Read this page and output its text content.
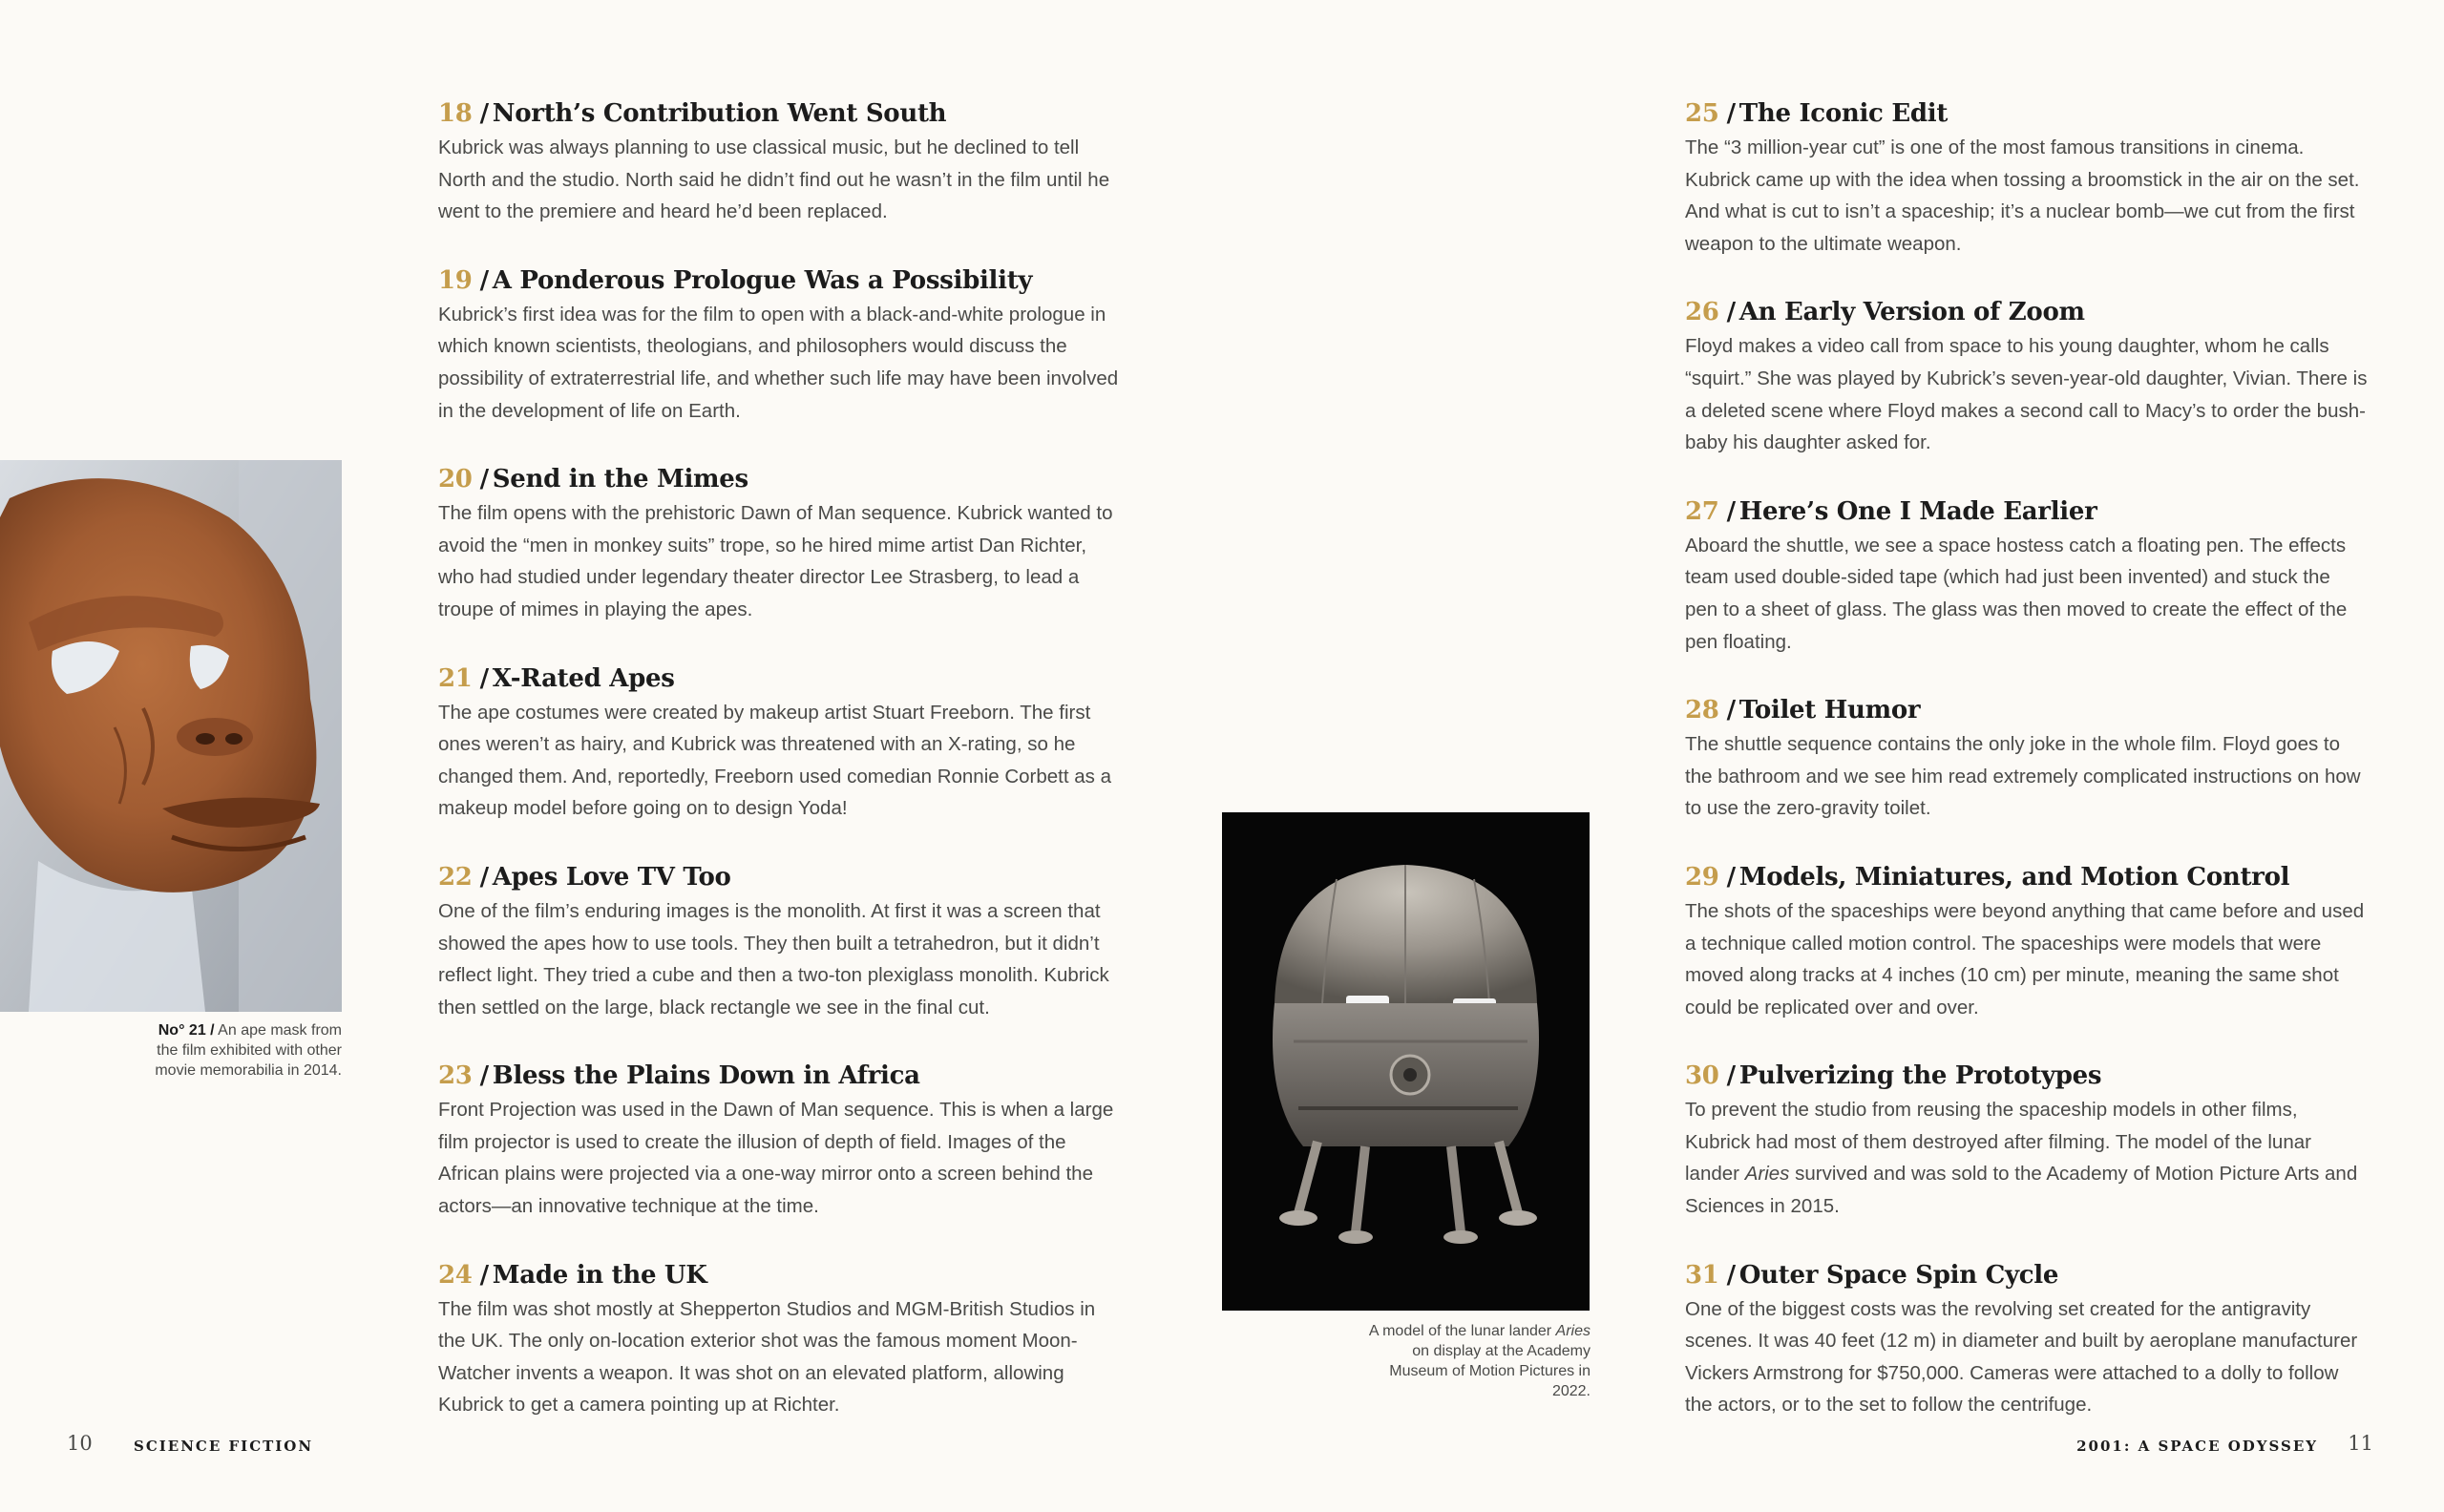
No° 21 / An ape mask from the film exhibited with other movie memorabilia in 2014.
18 / North’s Contribution Went South
Kubrick was always planning to use classical music, but he declined to tell North and the studio. North said he didn’t find out he wasn’t in the film until he went to the premiere and heard he’d been replaced.
19 / A Ponderous Prologue Was a Possibility
Kubrick’s first idea was for the film to open with a black-and-white prologue in which known scientists, theologians, and philosophers would discuss the possibility of extraterrestrial life, and whether such life may have been involved in the development of life on Earth.
20 / Send in the Mimes
The film opens with the prehistoric Dawn of Man sequence. Kubrick wanted to avoid the “men in monkey suits” trope, so he hired mime artist Dan Richter, who had studied under legendary theater director Lee Strasberg, to lead a troupe of mimes in playing the apes.
21 / X-Rated Apes
The ape costumes were created by makeup artist Stuart Freeborn. The first ones weren’t as hairy, and Kubrick was threatened with an X-rating, so he changed them. And, reportedly, Freeborn used comedian Ronnie Corbett as a makeup model before going on to design Yoda!
22 / Apes Love TV Too
One of the film’s enduring images is the monolith. At first it was a screen that showed the apes how to use tools. They then built a tetrahedron, but it didn’t reflect light. They tried a cube and then a two-ton plexiglass monolith. Kubrick then settled on the large, black rectangle we see in the final cut.
23 / Bless the Plains Down in Africa
Front Projection was used in the Dawn of Man sequence. This is when a large film projector is used to create the illusion of depth of field. Images of the African plains were projected via a one-way mirror onto a screen behind the actors—an innovative technique at the time.
24 / Made in the UK
The film was shot mostly at Shepperton Studios and MGM-British Studios in the UK. The only on-location exterior shot was the famous moment Moon-Watcher invents a weapon. It was shot on an elevated platform, allowing Kubrick to get a camera pointing up at Richter.
A model of the lunar lander Aries on display at the Academy Museum of Motion Pictures in 2022.
25 / The Iconic Edit
The “3 million-year cut” is one of the most famous transitions in cinema. Kubrick came up with the idea when tossing a broomstick in the air on the set. And what is cut to isn’t a spaceship; it’s a nuclear bomb—we cut from the first weapon to the ultimate weapon.
26 / An Early Version of Zoom
Floyd makes a video call from space to his young daughter, whom he calls “squirt.” She was played by Kubrick’s seven-year-old daughter, Vivian. There is a deleted scene where Floyd makes a second call to Macy’s to order the bush-baby his daughter asked for.
27 / Here’s One I Made Earlier
Aboard the shuttle, we see a space hostess catch a floating pen. The effects team used double-sided tape (which had just been invented) and stuck the pen to a sheet of glass. The glass was then moved to create the effect of the pen floating.
28 / Toilet Humor
The shuttle sequence contains the only joke in the whole film. Floyd goes to the bathroom and we see him read extremely complicated instructions on how to use the zero-gravity toilet.
29 / Models, Miniatures, and Motion Control
The shots of the spaceships were beyond anything that came before and used a technique called motion control. The spaceships were models that were moved along tracks at 4 inches (10 cm) per minute, meaning the same shot could be replicated over and over.
30 / Pulverizing the Prototypes
To prevent the studio from reusing the spaceship models in other films, Kubrick had most of them destroyed after filming. The model of the lunar lander Aries survived and was sold to the Academy of Motion Picture Arts and Sciences in 2015.
31 / Outer Space Spin Cycle
One of the biggest costs was the revolving set created for the antigravity scenes. It was 40 feet (12 m) in diameter and built by aeroplane manufacturer Vickers Armstrong for $750,000. Cameras were attached to a dolly to follow the actors, or to the set to follow the centrifuge.
10	SCIENCE FICTION	2001: A SPACE ODYSSEY 11
